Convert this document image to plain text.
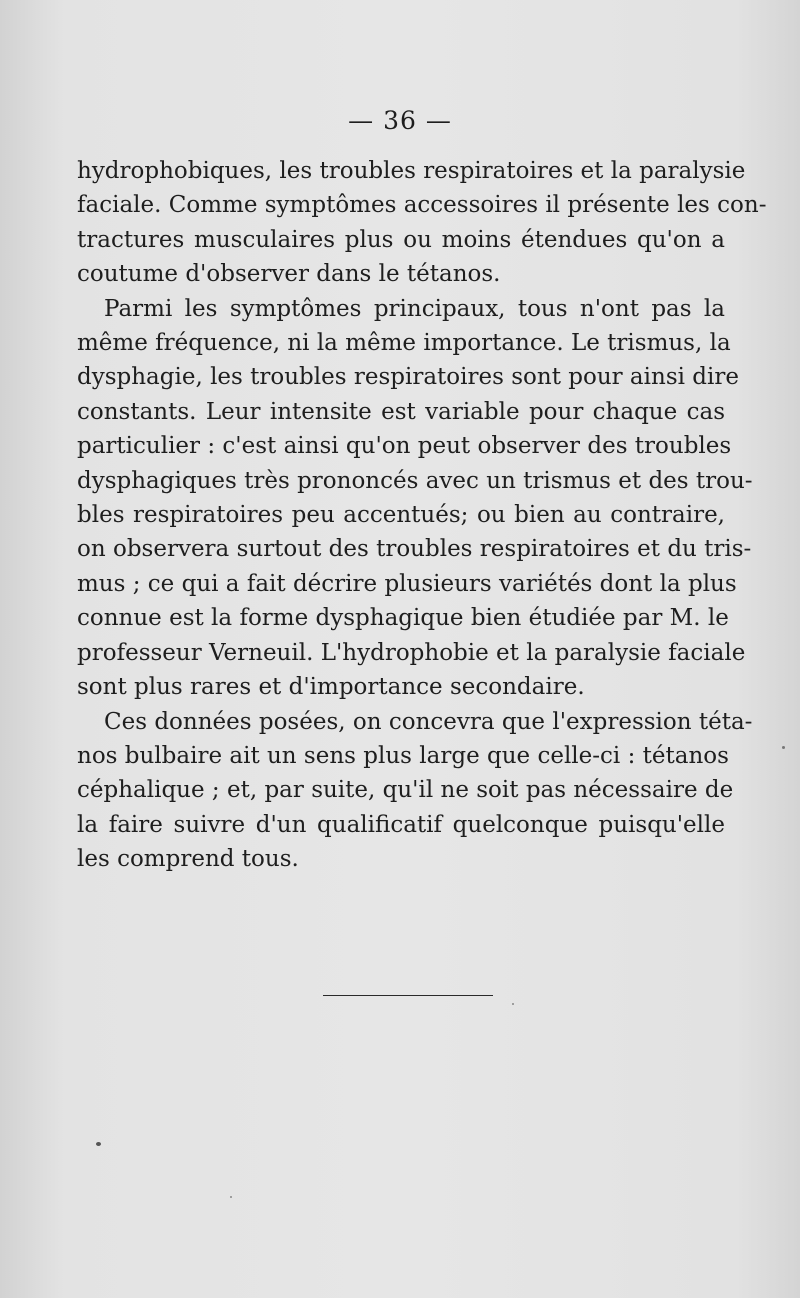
— 36 —

hydrophobiques, les troubles respiratoires et la paralysie
faciale. Comme symptômes accessoires il présente les con-
tractures musculaires plus ou moins étendues qu'on a
coutume d'observer dans le tétanos.

Parmi les symptômes principaux, tous n'ont pas la
même fréquence, ni la même importance. Le trismus, la
dysphagie, les troubles respiratoires sont pour ainsi dire
constants. Leur intensite est variable pour chaque cas
particulier : c'est ainsi qu'on peut observer des troubles
dysphagiques très prononcés avec un trismus et des trou-
bles respiratoires peu accentués; ou bien au contraire,
on observera surtout des troubles respiratoires et du tris-
mus ; ce qui a fait décrire plusieurs variétés dont la plus
connue est la forme dysphagique bien étudiée par M. le
professeur Verneuil. L'hydrophobie et la paralysie faciale
sont plus rares et d'importance secondaire.

Ces données posées, on concevra que l'expression téta-
nos bulbaire ait un sens plus large que celle-ci : tétanos
céphalique ; et, par suite, qu'il ne soit pas nécessaire de
la faire suivre d'un qualificatif quelconque puisqu'elle
les comprend tous.
